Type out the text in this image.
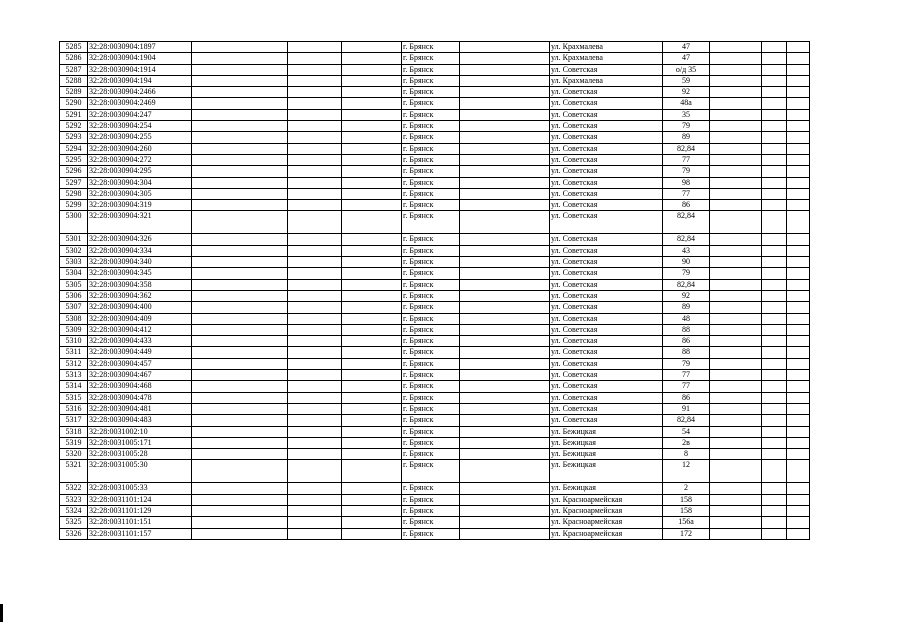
5285	32:28:0030904:1897				г. Брянск		ул. Крахмалева	47			
5286	32:28:0030904:1904				г. Брянск		ул. Крахмалева	47			
5287	32:28:0030904:1914				г. Брянск		ул. Советская	о/д 35			
5288	32:28:0030904:194				г. Брянск		ул. Крахмалева	59			
5289	32:28:0030904:2466				г. Брянск		ул. Советская	92			
5290	32:28:0030904:2469				г. Брянск		ул. Советская	48а			
5291	32:28:0030904:247				г. Брянск		ул. Советская	35			
5292	32:28:0030904:254				г. Брянск		ул. Советская	79			
5293	32:28:0030904:255				г. Брянск		ул. Советская	89			
5294	32:28:0030904:260				г. Брянск		ул. Советская	82,84			
5295	32:28:0030904:272				г. Брянск		ул. Советская	77			
5296	32:28:0030904:295				г. Брянск		ул. Советская	79			
5297	32:28:0030904:304				г. Брянск		ул. Советская	98			
5298	32:28:0030904:305				г. Брянск		ул. Советская	77			
5299	32:28:0030904:319				г. Брянск		ул. Советская	86			
5300	32:28:0030904:321				г. Брянск		ул. Советская	82,84			
5301	32:28:0030904:326				г. Брянск		ул. Советская	82,84			
5302	32:28:0030904:334				г. Брянск		ул. Советская	43			
5303	32:28:0030904:340				г. Брянск		ул. Советская	90			
5304	32:28:0030904:345				г. Брянск		ул. Советская	79			
5305	32:28:0030904:358				г. Брянск		ул. Советская	82,84			
5306	32:28:0030904:362				г. Брянск		ул. Советская	92			
5307	32:28:0030904:400				г. Брянск		ул. Советская	89			
5308	32:28:0030904:409				г. Брянск		ул. Советская	48			
5309	32:28:0030904:412				г. Брянск		ул. Советская	88			
5310	32:28:0030904:433				г. Брянск		ул. Советская	86			
5311	32:28:0030904:449				г. Брянск		ул. Советская	88			
5312	32:28:0030904:457				г. Брянск		ул. Советская	79			
5313	32:28:0030904:467				г. Брянск		ул. Советская	77			
5314	32:28:0030904:468				г. Брянск		ул. Советская	77			
5315	32:28:0030904:478				г. Брянск		ул. Советская	86			
5316	32:28:0030904:481				г. Брянск		ул. Советская	91			
5317	32:28:0030904:483				г. Брянск		ул. Советская	82,84			
5318	32:28:0031002:10				г. Брянск		ул. Бежицкая	54			
5319	32:28:0031005:171				г. Брянск		ул. Бежицкая	2в			
5320	32:28:0031005:28				г. Брянск		ул. Бежицкая	8			
5321	32:28:0031005:30				г. Брянск		ул. Бежицкая	12			
5322	32:28:0031005:33				г. Брянск		ул. Бежицкая	2			
5323	32:28:0031101:124				г. Брянск		ул. Красноармейская	158			
5324	32:28:0031101:129				г. Брянск		ул. Красноармейская	158			
5325	32:28:0031101:151				г. Брянск		ул. Красноармейская	156а			
5326	32:28:0031101:157				г. Брянск		ул. Красноармейская	172			
